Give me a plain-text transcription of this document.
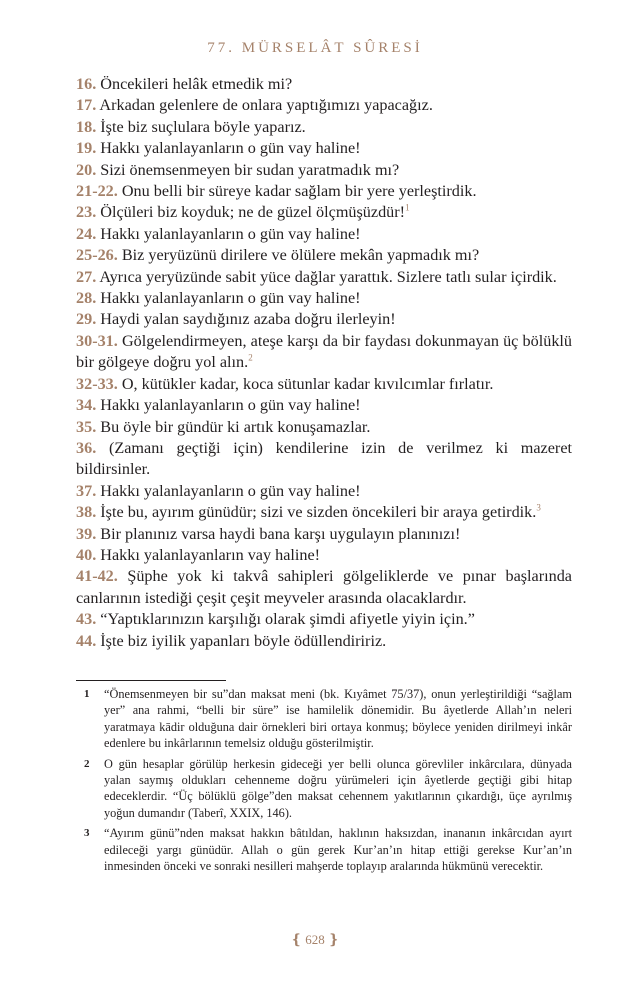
77. MÜRSELÂT SÛRESİ

16. Öncekileri helâk etmedik mi?

17. Arkadan gelenlere de onlara yaptığımızı yapacağız.

18. İşte biz suçlulara böyle yaparız.

19. Hakkı yalanlayanların o gün vay haline!

20. Sizi önemsenmeyen bir sudan yaratmadık mı?

21-22. Onu belli bir süreye kadar sağlam bir yere yerleştirdik.

23. Ölçüleri biz koyduk; ne de güzel ölçmüşüzdür!$^1$

24. Hakkı yalanlayanların o gün vay haline!

25-26. Biz yeryüzünü dirilere ve ölülere mekân yapmadık mı?

27. Ayrıca yeryüzünde sabit yüce dağlar yarattık. Sizlere tatlı sular içirdik.

28. Hakkı yalanlayanların o gün vay haline!

29. Haydi yalan saydığınız azaba doğru ilerleyin!

30-31. Gölgelendirmeyen, ateşe karşı da bir faydası dokunmayan üç bölüklü bir gölgeye doğru yol alın.$^2$

32-33. O, kütükler kadar, koca sütunlar kadar kıvılcımlar fırlatır.

34. Hakkı yalanlayanların o gün vay haline!

35. Bu öyle bir gündür ki artık konuşamazlar.

36. (Zamanı geçtiği için) kendilerine izin de verilmez ki mazeret bildirsinler.

37. Hakkı yalanlayanların o gün vay haline!

38. İşte bu, ayırım günüdür; sizi ve sizden öncekileri bir araya getirdik.$^3$

39. Bir planınız varsa haydi bana karşı uygulayın planınızı!

40. Hakkı yalanlayanların vay haline!

41-42. Şüphe yok ki takvâ sahipleri gölgeliklerde ve pınar başlarında canlarının istediği çeşit çeşit meyveler arasında olacaklardır.

43. “Yaptıklarınızın karşılığı olarak şimdi afiyetle yiyin için.”

44. İşte biz iyilik yapanları böyle ödüllendiririz.

1 “Önemsenmeyen bir su”dan maksat meni (bk. Kıyâmet 75/37), onun yerleştirildiği “sağlam yer” ana rahmi, “belli bir süre” ise hamilelik dönemidir. Bu âyetlerde Allah’ın neleri yaratmaya kādir olduğuna dair örnekleri biri ortaya konmuş; böylece yeniden dirilmeyi inkâr edenlere bu inkârlarının temelsiz olduğu gösterilmiştir.
2 O gün hesaplar görülüp herkesin gideceği yer belli olunca görevliler inkârcılara, dünyada yalan saymış oldukları cehenneme doğru yürümeleri için âyetlerde geçtiği gibi hitap edeceklerdir. “Üç bölüklü gölge”den maksat cehennem yakıtlarının çıkardığı, üçe ayrılmış yoğun dumandır (Taberî, XXIX, 146).
3 “Ayırım günü”nden maksat hakkın bâtıldan, haklının haksızdan, inananın inkârcıdan ayırt edileceği yargı günüdür. Allah o gün gerek Kur’an’ın hitap ettiği gerekse Kur’an’ın inmesinden önceki ve sonraki nesilleri mahşerde toplayıp aralarında hükmünü verecektir.
❴ 628 ❵
